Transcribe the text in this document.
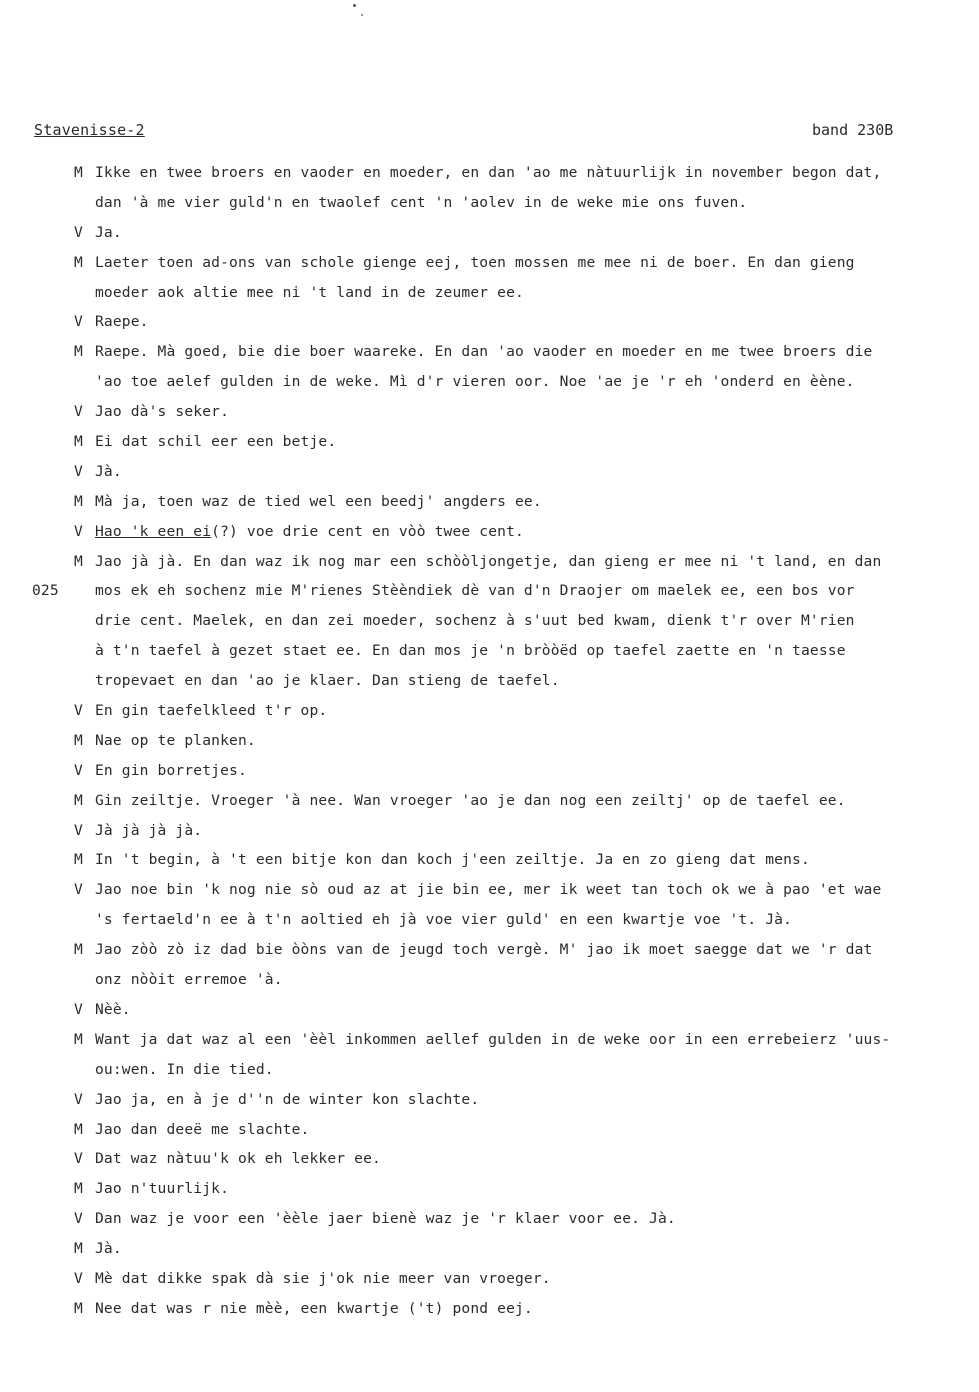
Stavenisse-2	band 230B
M Ikke en twee broers en vaoder en moeder, en dan 'ao me nàtuurlijk in november begon dat,
dan 'à me vier guld'n en twaolef cent 'n 'aolev in de weke mie ons fuven.
V Ja.
M Laeter toen ad-ons van schole gienge eej, toen mossen me mee ni de boer. En dan gieng
moeder aok altie mee ni 't land in de zeumer ee.
V Raepe.
M Raepe. Mà goed, bie die boer waareke. En dan 'ao vaoder en moeder en me twee broers die
'ao toe aelef gulden in de weke. Mì d'r vieren oor. Noe 'ae je 'r eh 'onderd en èène.
V Jao dà's seker.
M Ei dat schil eer een betje.
V Jà.
M Mà ja, toen waz de tied wel een beedj' angders ee.
V Hao 'k een ei(?) voe drie cent en vòò twee cent.
M Jao jà jà. En dan waz ik nog mar een schòòljongetje, dan gieng er mee ni 't land, en dan
025 mos ek eh sochenz mie M'rienes Stèèndiek dè van d'n Draojer om maelek ee, een bos vor
drie cent. Maelek, en dan zei moeder, sochenz à s'uut bed kwam, dienk t'r over M'rien
à t'n taefel à gezet staet ee. En dan mos je 'n bròòëd op taefel zaette en 'n taesse
tropevaet en dan 'ao je klaer. Dan stieng de taefel.
V En gin taefelkleed t'r op.
M Nae op te planken.
V En gin borretjes.
M Gin zeiltje. Vroeger 'à nee. Wan vroeger 'ao je dan nog een zeiltj' op de taefel ee.
V Jà jà jà jà.
M In 't begin, à 't een bitje kon dan koch j'een zeiltje. Ja en zo gieng dat mens.
V Jao noe bin 'k nog nie sò oud az at jie bin ee, mer ik weet tan toch ok we à pao 'et wae
's fertaeld'n ee à t'n aoltied eh jà voe vier guld' en een kwartje voe 't. Jà.
M Jao zòò zò iz dad bie òòns van de jeugd toch vergè. M' jao ik moet saegge dat we 'r dat
onz nòòit erremoe 'à.
V Nèè.
M Want ja dat waz al een 'èèl inkommen aellef gulden in de weke oor in een errebeierz 'uus-
ou:wen. In die tied.
V Jao ja, en à je d''n de winter kon slachte.
M Jao dan deeë me slachte.
V Dat waz nàtuu'k ok eh lekker ee.
M Jao n'tuurlijk.
V Dan waz je voor een 'èèle jaer bienè waz je 'r klaer voor ee. Jà.
M Jà.
V Mè dat dikke spak dà sie j'ok nie meer van vroeger.
M Nee dat was r nie mèè, een kwartje ('t) pond eej.
